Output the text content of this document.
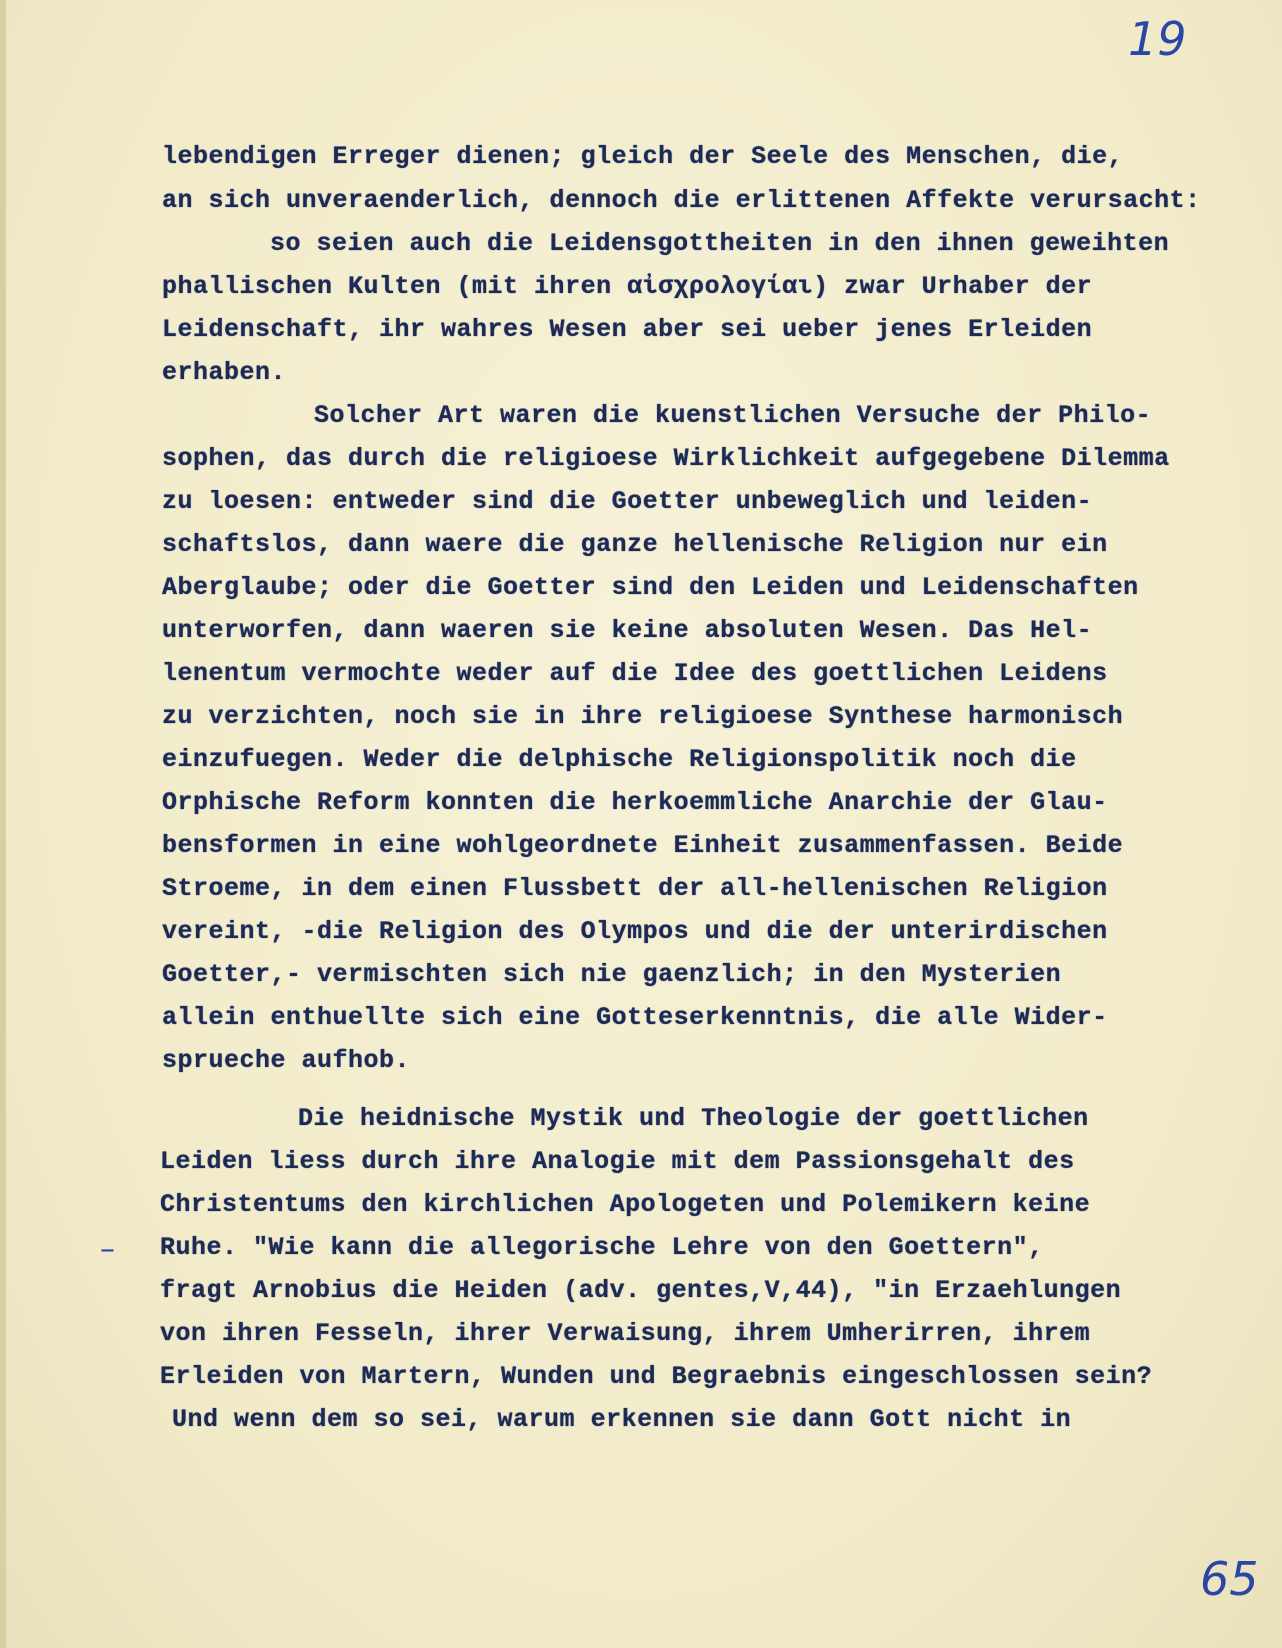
19
lebendigen Erreger dienen; gleich der Seele des Menschen, die,
an sich unveraenderlich, dennoch die erlittenen Affekte verursacht:
so seien auch die Leidensgottheiten in den ihnen geweihten
phallischen Kulten (mit ihren αἰσχρολογίαι) zwar Urhaber der
Leidenschaft, ihr wahres Wesen aber sei ueber jenes Erleiden
erhaben.
Solcher Art waren die kuenstlichen Versuche der Philo-
sophen, das durch die religioese Wirklichkeit aufgegebene Dilemma
zu loesen: entweder sind die Goetter unbeweglich und leiden-
schaftslos, dann waere die ganze hellenische Religion nur ein
Aberglaube; oder die Goetter sind den Leiden und Leidenschaften
unterworfen, dann waeren sie keine absoluten Wesen. Das Hel-
lenentum vermochte weder auf die Idee des goettlichen Leidens
zu verzichten, noch sie in ihre religioese Synthese harmonisch
einzufuegen. Weder die delphische Religionspolitik noch die
Orphische Reform konnten die herkoemmliche Anarchie der Glau-
bensformen in eine wohlgeordnete Einheit zusammenfassen. Beide
Stroeme, in dem einen Flussbett der all-hellenischen Religion
vereint, -die Religion des Olympos und die der unterirdischen
Goetter,- vermischten sich nie gaenzlich; in den Mysterien
allein enthuellte sich eine Gotteserkenntnis, die alle Wider-
sprueche aufhob.
Die heidnische Mystik und Theologie der goettlichen
Leiden liess durch ihre Analogie mit dem Passionsgehalt des
Christentums den kirchlichen Apologeten und Polemikern keine
Ruhe. "Wie kann die allegorische Lehre von den Goettern",
fragt Arnobius die Heiden (adv. gentes,V,44), "in Erzaehlungen
von ihren Fesseln, ihrer Verwaisung, ihrem Umherirren, ihrem
Erleiden von Martern, Wunden und Begraebnis eingeschlossen sein?
Und wenn dem so sei, warum erkennen sie dann Gott nicht in
–
65
